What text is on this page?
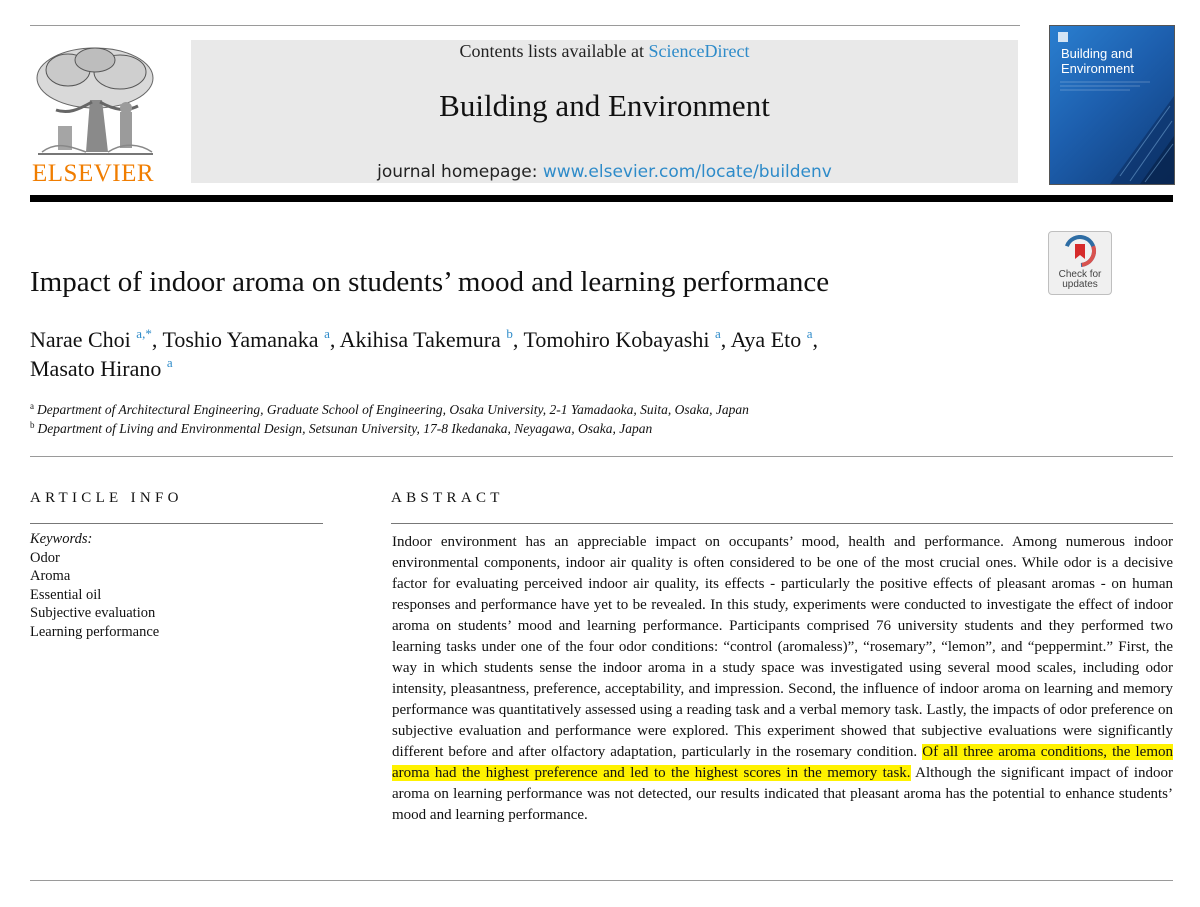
ELSEVIER
Contents lists available at ScienceDirect
Building and Environment
journal homepage: www.elsevier.com/locate/buildenv
Building and
Environment
Check for
updates
Impact of indoor aroma on students’ mood and learning performance
Narae Choi $^{a,*}$, Toshio Yamanaka $^a$, Akihisa Takemura $^b$, Tomohiro Kobayashi $^a$, Aya Eto $^a$,
Masato Hirano $^a$
$^a$ Department of Architectural Engineering, Graduate School of Engineering, Osaka University, 2-1 Yamadaoka, Suita, Osaka, Japan
$^b$ Department of Living and Environmental Design, Setsunan University, 17-8 Ikedanaka, Neyagawa, Osaka, Japan
ARTICLE INFO	ABSTRACT
Keywords:
Odor
Aroma
Essential oil
Subjective evaluation
Learning performance
Indoor environment has an appreciable impact on occupants’ mood, health and performance. Among numerous indoor environmental components, indoor air quality is often considered to be one of the most crucial ones. While odor is a decisive factor for evaluating perceived indoor air quality, its effects - particularly the positive effects of pleasant aromas - on human responses and performance have yet to be revealed. In this study, experiments were conducted to investigate the effect of indoor aroma on students’ mood and learning performance. Participants comprised 76 university students and they performed two learning tasks under one of the four odor conditions: “control (aromaless)”, “rosemary”, “lemon”, and “peppermint.” First, the way in which students sense the indoor aroma in a study space was investigated using several mood scales, including odor intensity, pleasantness, preference, acceptability, and impression. Second, the influence of indoor aroma on learning and memory performance was quantitatively assessed using a reading task and a verbal memory task. Lastly, the impacts of odor preference on subjective evaluation and performance were explored. This experiment showed that subjective evaluations were significantly different before and after olfactory adaptation, particularly in the rosemary condition. Of all three aroma conditions, the lemon aroma had the highest preference and led to the highest scores in the memory task. Although the significant impact of indoor aroma on learning performance was not detected, our results indicated that pleasant aroma has the potential to enhance students’ mood and learning performance.
